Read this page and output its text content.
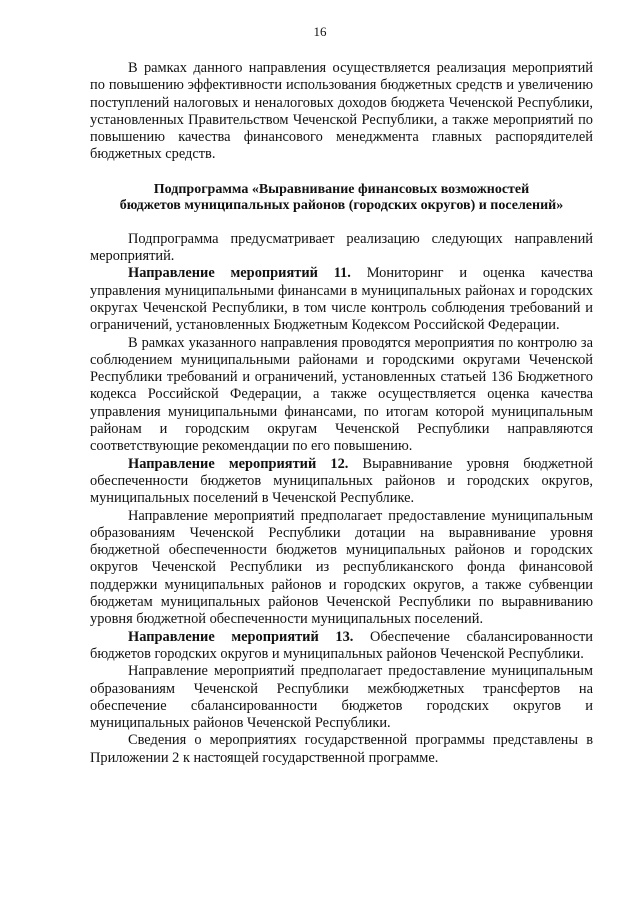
16

В рамках данного направления осуществляется реализация мероприятий по повышению эффективности использования бюджетных средств и увеличению поступлений налоговых и неналоговых доходов бюджета Чеченской Республики, установленных Правительством Чеченской Республики, а также мероприятий по повышению качества финансового менеджмента главных распорядителей бюджетных средств.

Подпрограмма «Выравнивание финансовых возможностей
бюджетов муниципальных районов (городских округов) и поселений»

Подпрограмма предусматривает реализацию следующих направлений мероприятий.

Направление мероприятий 11. Мониторинг и оценка качества управления муниципальными финансами в муниципальных районах и городских округах Чеченской Республики, в том числе контроль соблюдения требований и ограничений, установленных Бюджетным Кодексом Российской Федерации.

В рамках указанного направления проводятся мероприятия по контролю за соблюдением муниципальными районами и городскими округами Чеченской Республики требований и ограничений, установленных статьей 136 Бюджетного кодекса Российской Федерации, а также осуществляется оценка качества управления муниципальными финансами, по итогам которой муниципальным районам и городским округам Чеченской Республики направляются соответствующие рекомендации по его повышению.

Направление мероприятий 12. Выравнивание уровня бюджетной обеспеченности бюджетов муниципальных районов и городских округов, муниципальных поселений в Чеченской Республике.

Направление мероприятий предполагает предоставление муниципальным образованиям Чеченской Республики дотации на выравнивание уровня бюджетной обеспеченности бюджетов муниципальных районов и городских округов Чеченской Республики из республиканского фонда финансовой поддержки муниципальных районов и городских округов, а также субвенции бюджетам муниципальных районов Чеченской Республики по выравниванию уровня бюджетной обеспеченности муниципальных поселений.

Направление мероприятий 13. Обеспечение сбалансированности бюджетов городских округов и муниципальных районов Чеченской Республики.

Направление мероприятий предполагает предоставление муниципальным образованиям Чеченской Республики межбюджетных трансфертов на обеспечение сбалансированности бюджетов городских округов и муниципальных районов Чеченской Республики.

Сведения о мероприятиях государственной программы представлены в Приложении 2 к настоящей государственной программе.
